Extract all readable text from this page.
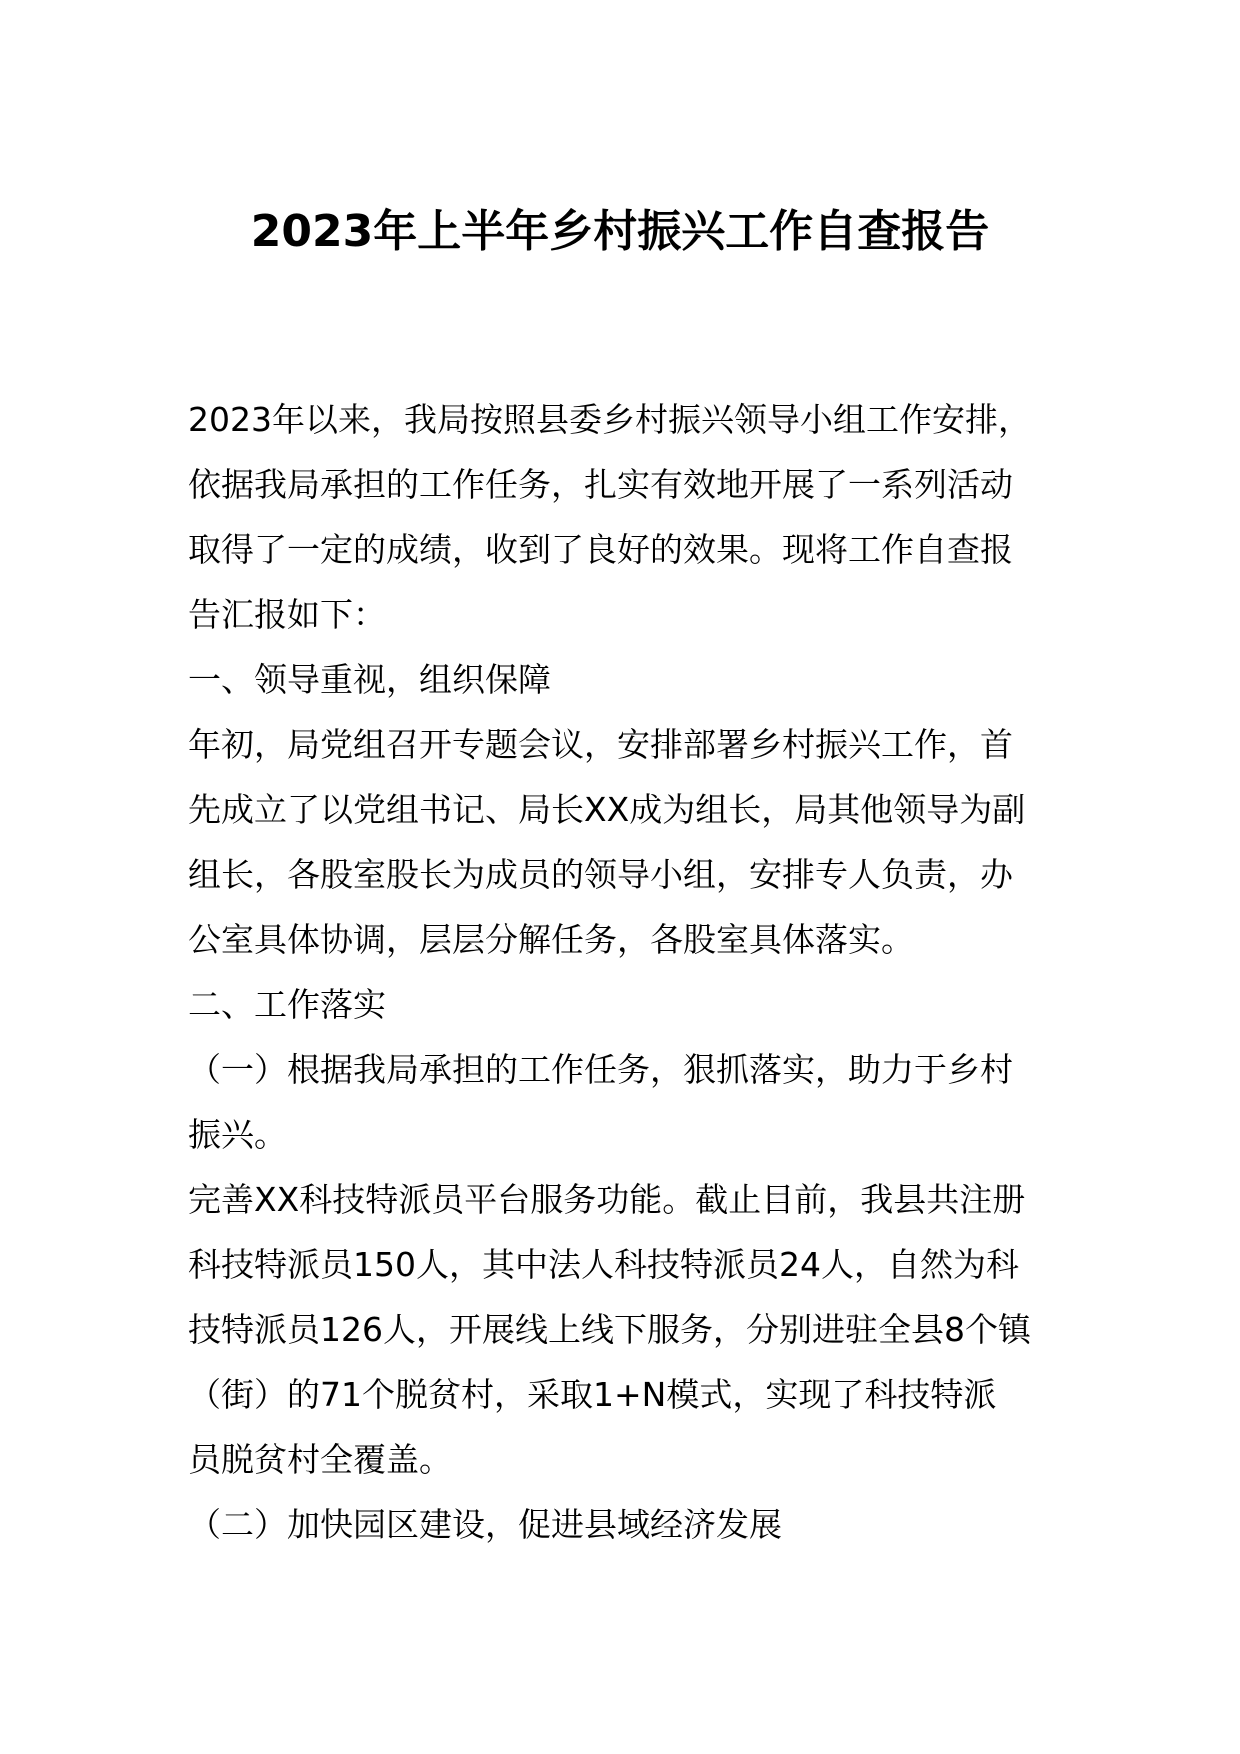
2023年上半年乡村振兴工作自查报告
2023年以来，我局按照县委乡村振兴领导小组工作安排，
依据我局承担的工作任务，扎实有效地开展了一系列活动
取得了一定的成绩，收到了良好的效果。现将工作自查报
告汇报如下：
一、领导重视，组织保障
年初，局党组召开专题会议，安排部署乡村振兴工作，首
先成立了以党组书记、局长XX成为组长，局其他领导为副
组长，各股室股长为成员的领导小组，安排专人负责，办
公室具体协调，层层分解任务，各股室具体落实。
二、工作落实
（一）根据我局承担的工作任务，狠抓落实，助力于乡村
振兴。
完善XX科技特派员平台服务功能。截止目前，我县共注册
科技特派员150人，其中法人科技特派员24人，自然为科
技特派员126人，开展线上线下服务，分别进驻全县8个镇
（街）的71个脱贫村，采取1+N模式，实现了科技特派
员脱贫村全覆盖。
（二）加快园区建设，促进县域经济发展
